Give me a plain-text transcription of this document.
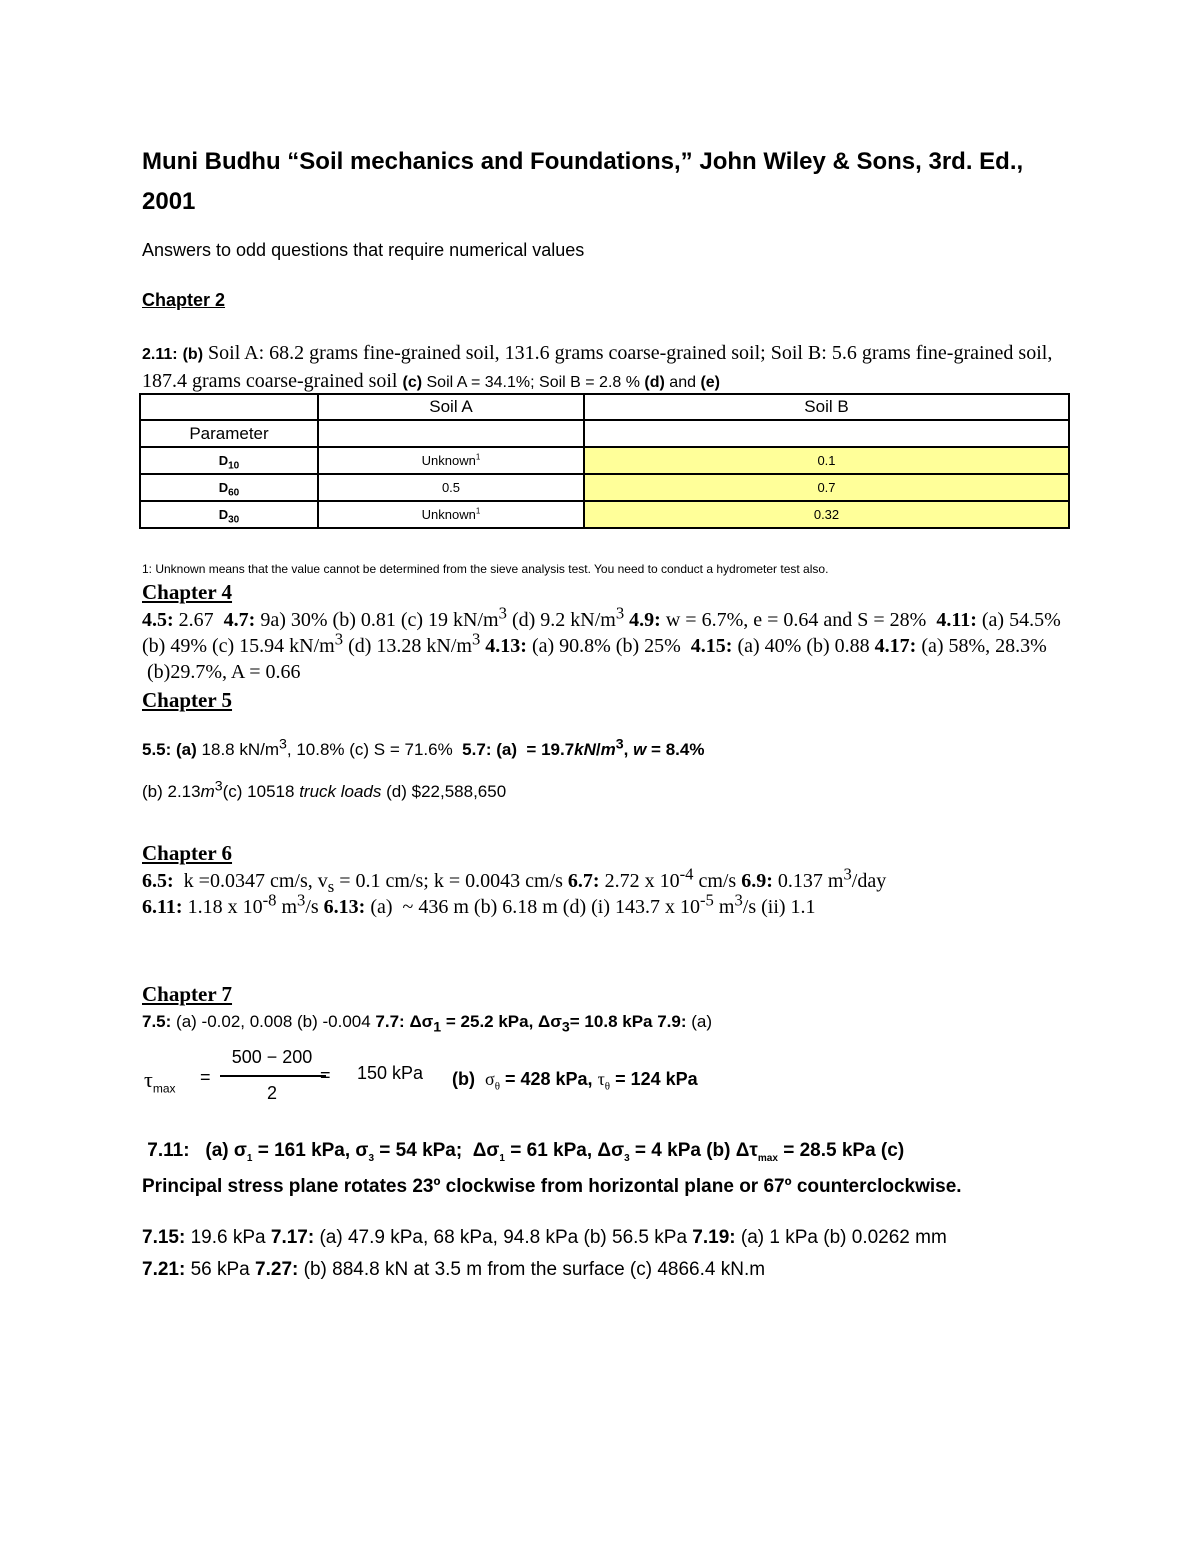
Muni Budhu “Soil mechanics and Foundations,” John Wiley & Sons, 3rd. Ed., 2001
Answers to odd questions that require numerical values
Chapter 2
2.11: (b) Soil A: 68.2 grams fine-grained soil, 131.6 grams coarse-grained soil; Soil B: 5.6 grams fine-grained soil, 187.4 grams coarse-grained soil (c) Soil A = 34.1%; Soil B = 2.8 % (d) and (e)
	Soil A	Soil B
Parameter		
$D_{10}$	Unknown$^1$	0.1
$D_{60}$	0.5	0.7
$D_{30}$	Unknown$^1$	0.32
1: Unknown means that the value cannot be determined from the sieve analysis test. You need to conduct a hydrometer test also.
Chapter 4
4.5: 2.67  4.7: 9a) 30% (b) 0.81 (c) 19 $kN/m^3$ (d) 9.2 $kN/m^3$ 4.9: w = 6.7%, e = 0.64 and S = 28%  4.11: (a) 54.5% (b) 49% (c) 15.94 $kN/m^3$ (d) 13.28 $kN/m^3$ 4.13: (a) 90.8% (b) 25%  4.15: (a) 40% (b) 0.88 4.17: (a) 58%, 28.3%  (b)29.7%, A = 0.66
Chapter 5
5.5: (a) 18.8 $kN/m^3$, 10.8% (c) S = 71.6%  5.7: $(a) = 19.7kN/m^3$, w = 8.4%
(b) $2.13m^3(c)$ 10518 truck loads (d) $22,588,650
Chapter 6
6.5:  k =0.0347 cm/s, $v_s = 0.1$ cm/s; k = 0.0043 cm/s 6.7: 2.72 x $10^{-4}$ cm/s 6.9: 0.137 $m^3$/day
6.11: 1.18 x $10^{-8}$ $m^3/s$ 6.13: (a)  ~ 436 m (b) 6.18 m (d) (i) 143.7 x $10^{-5}$ $m^3/s$ (ii) 1.1
Chapter 7
7.5: (a) -0.02, 0.008 (b) -0.004 7.7: $\Delta\sigma_1 = 25.2$ kPa, $\Delta\sigma_3= 10.8$ kPa 7.9: (a)
$\tau_{max}$
=
500 − 200
2
= 150 kPa (b)  $\sigma_\theta = 428$ kPa, $\tau_\theta = 124$ kPa
7.11:   (a) $\sigma_1 = 161$ kPa, $\sigma_3 = 54$ kPa;  $\Delta\sigma_1 = 61$ kPa, $\Delta\sigma_3 = 4$ kPa (b) $\Delta\tau_{max} = 28.5$ kPa (c)
Principal stress plane rotates 23º clockwise from horizontal plane or 67º counterclockwise.
7.15: 19.6 kPa 7.17: (a) 47.9 kPa, 68 kPa, 94.8 kPa (b) 56.5 kPa 7.19: (a) 1 kPa (b) 0.0262 mm
7.21: 56 kPa 7.27: (b) 884.8 kN at 3.5 m from the surface (c) 4866.4 kN.m
